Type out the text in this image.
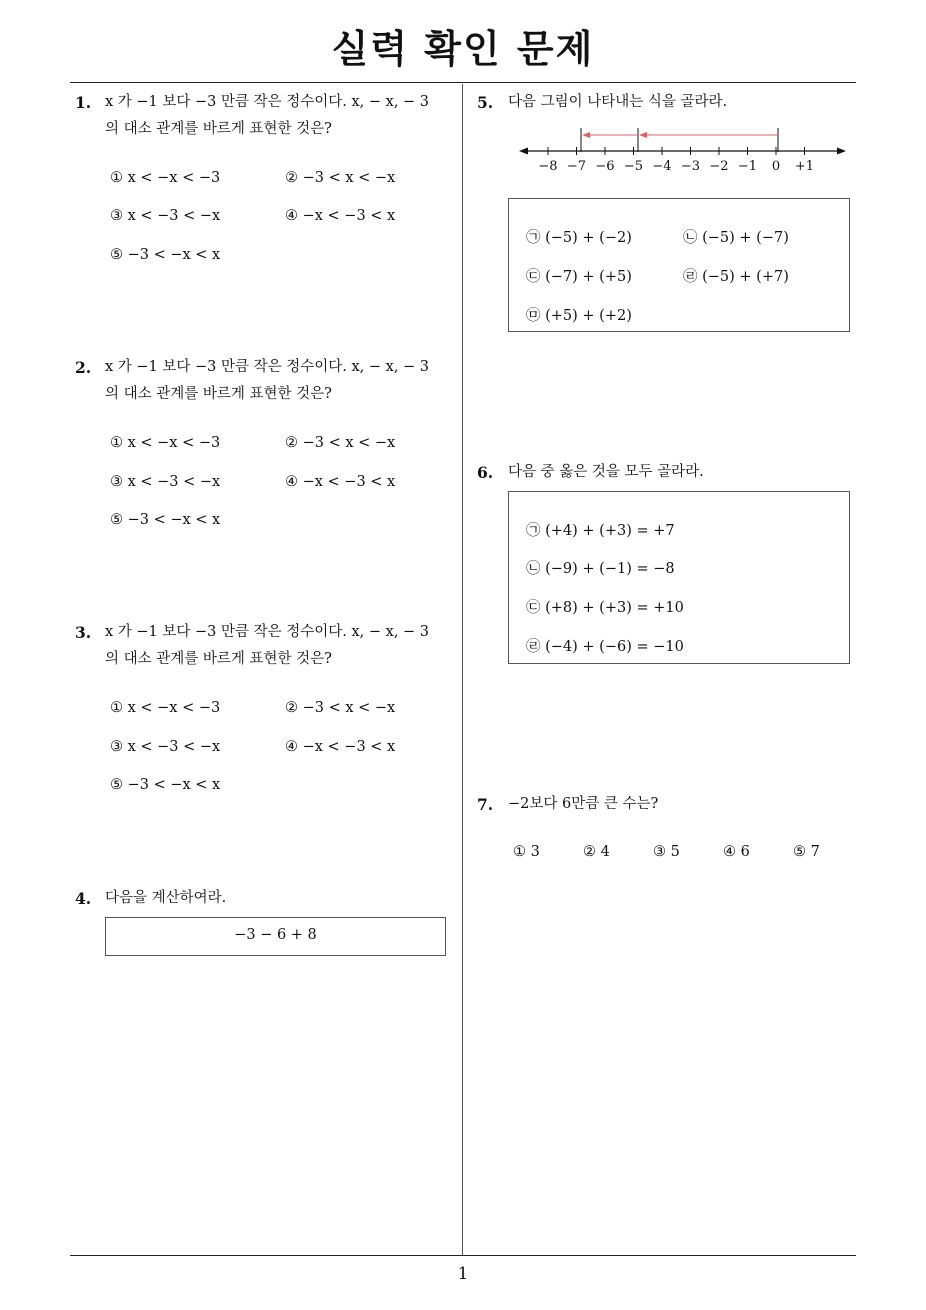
실력 확인 문제
1. x 가 −1 보다 −3 만큼 작은 정수이다. x, − x, − 3
의 대소 관계를 바르게 표현한 것은?
① x < −x < −3	② −3 < x < −x
③ x < −3 < −x	④ −x < −3 < x
⑤ −3 < −x < x
2. x 가 −1 보다 −3 만큼 작은 정수이다. x, − x, − 3
의 대소 관계를 바르게 표현한 것은?
① x < −x < −3	② −3 < x < −x
③ x < −3 < −x	④ −x < −3 < x
⑤ −3 < −x < x
3. x 가 −1 보다 −3 만큼 작은 정수이다. x, − x, − 3
의 대소 관계를 바르게 표현한 것은?
① x < −x < −3	② −3 < x < −x
③ x < −3 < −x	④ −x < −3 < x
⑤ −3 < −x < x
4. 다음을 계산하여라.
−3 − 6 + 8
5. 다음 그림이 나타내는 식을 골라라.
−8 −7 −6 −5 −4 −3 −2 −1 0 +1
㉠ (−5) + (−2)	㉡ (−5) + (−7)
㉢ (−7) + (+5)	㉣ (−5) + (+7)
㉤ (+5) + (+2)
6. 다음 중 옳은 것을 모두 골라라.
㉠ (+4) + (+3) = +7
㉡ (−9) + (−1) = −8
㉢ (+8) + (+3) = +10
㉣ (−4) + (−6) = −10
7. −2보다 6만큼 큰 수는?
① 3	② 4	③ 5	④ 6	⑤ 7
1
